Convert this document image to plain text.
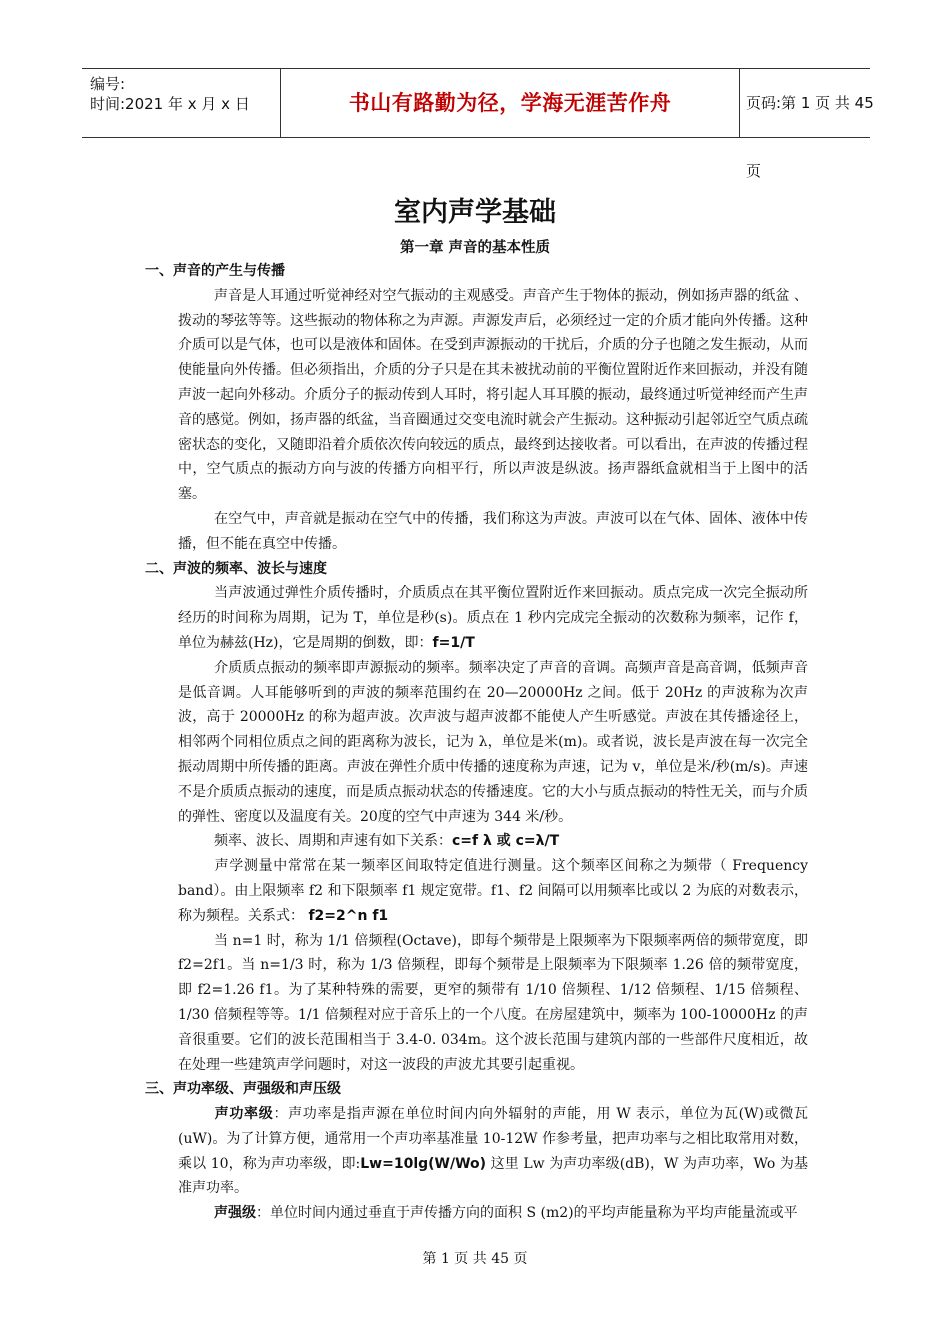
编号:
时间:2021 年 x 月 x 日	书山有路勤为径，学海无涯苦作舟	页码:第 1 页 共 45 页
室内声学基础
第一章 声音的基本性质
一、声音的产生与传播
声音是人耳通过听觉神经对空气振动的主观感受。声音产生于物体的振动，例如扬声器的纸盆 、拨动的琴弦等等。这些振动的物体称之为声源。声源发声后，必须经过一定的介质才能向外传播。这种介质可以是气体，也可以是液体和固体。在受到声源振动的干扰后，介质的分子也随之发生振动，从而使能量向外传播。但必须指出，介质的分子只是在其未被扰动前的平衡位置附近作来回振动，并没有随声波一起向外移动。介质分子的振动传到人耳时，将引起人耳耳膜的振动，最终通过听觉神经而产生声音的感觉。例如，扬声器的纸盆，当音圈通过交变电流时就会产生振动。这种振动引起邻近空气质点疏密状态的变化，又随即沿着介质依次传向较远的质点，最终到达接收者。可以看出，在声波的传播过程中，空气质点的振动方向与波的传播方向相平行，所以声波是纵波。扬声器纸盒就相当于上图中的活塞。
在空气中，声音就是振动在空气中的传播，我们称这为声波。声波可以在气体、固体、液体中传播，但不能在真空中传播。
二、声波的频率、波长与速度
当声波通过弹性介质传播时，介质质点在其平衡位置附近作来回振动。质点完成一次完全振动所经历的时间称为周期，记为 T，单位是秒(s)。质点在 1 秒内完成完全振动的次数称为频率，记作 f，单位为赫兹(Hz)，它是周期的倒数，即：f=1/T
介质质点振动的频率即声源振动的频率。频率决定了声音的音调。高频声音是高音调，低频声音是低音调。人耳能够听到的声波的频率范围约在 20—20000Hz 之间。低于 20Hz 的声波称为次声波，高于 20000Hz 的称为超声波。次声波与超声波都不能使人产生听感觉。声波在其传播途径上，相邻两个同相位质点之间的距离称为波长，记为 λ，单位是米(m)。或者说，波长是声波在每一次完全振动周期中所传播的距离。声波在弹性介质中传播的速度称为声速，记为 v，单位是米/秒(m/s)。声速不是介质质点振动的速度，而是质点振动状态的传播速度。它的大小与质点振动的特性无关，而与介质的弹性、密度以及温度有关。20度的空气中声速为 344 米/秒。
频率、波长、周期和声速有如下关系：c=f λ 或 c=λ/T
声学测量中常常在某一频率区间取特定值进行测量。这个频率区间称之为频带（ Frequency band）。由上限频率 f2 和下限频率 f1 规定宽带。f1、f2 间隔可以用频率比或以 2 为底的对数表示，称为频程。关系式： f2=2^n f1
当 n=1 时，称为 1/1 倍频程(Octave)，即每个频带是上限频率为下限频率两倍的频带宽度，即 f2=2f1。当 n=1/3 时，称为 1/3 倍频程，即每个频带是上限频率为下限频率 1.26 倍的频带宽度，即 f2=1.26 f1。为了某种特殊的需要，更窄的频带有 1/10 倍频程、1/12 倍频程、1/15 倍频程、1/30 倍频程等等。1/1 倍频程对应于音乐上的一个八度。在房屋建筑中，频率为 100-10000Hz 的声音很重要。它们的波长范围相当于 3.4-0. 034m。这个波长范围与建筑内部的一些部件尺度相近，故在处理一些建筑声学问题时，对这一波段的声波尤其要引起重视。
三、声功率级、声强级和声压级
声功率级：声功率是指声源在单位时间内向外辐射的声能，用 W 表示，单位为瓦(W)或微瓦(uW)。为了计算方便，通常用一个声功率基准量 10-12W 作参考量，把声功率与之相比取常用对数，乘以 10，称为声功率级，即:Lw=10lg(W/Wo) 这里 Lw 为声功率级(dB)，W 为声功率，Wo 为基准声功率。
声强级：单位时间内通过垂直于声传播方向的面积 S (m2)的平均声能量称为平均声能量流或平
第 1 页 共 45 页
